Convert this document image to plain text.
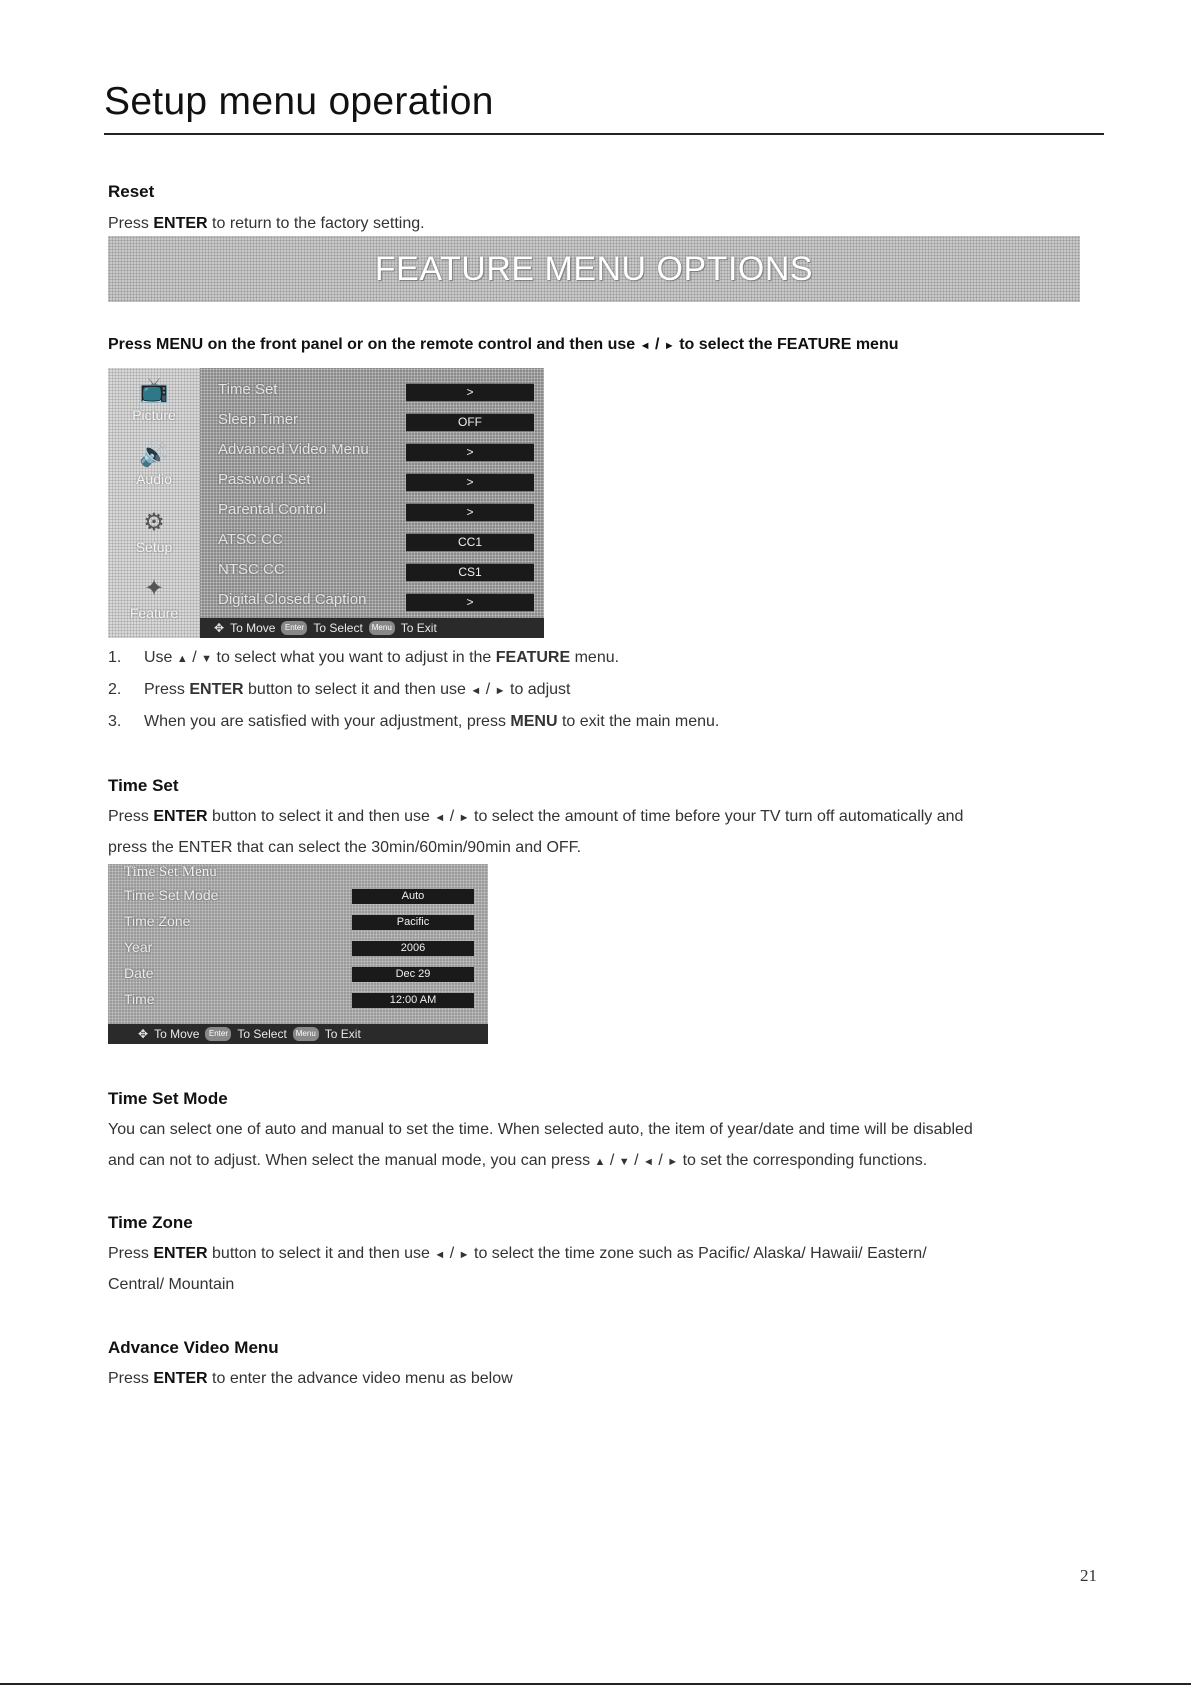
Setup menu operation
Reset
Press ENTER to return to the factory setting.
FEATURE MENU OPTIONS
Press MENU on the front panel or on the remote control and then use ◄ / ► to select the FEATURE menu
📺
Picture
🔊
Audio
⚙
Setup
✦
Feature
Time Set	>
Sleep Timer	OFF
Advanced Video Menu	>
Password Set	>
Parental Control	>
ATSC CC	CC1
NTSC CC	CS1
Digital Closed Caption	>
✥ To Move	Enter To Select	Menu To Exit
1. Use ▲ / ▼ to select what you want to adjust in the FEATURE menu.
2. Press ENTER button to select it and then use ◄ / ► to adjust
3. When you are satisfied with your adjustment, press MENU to exit the main menu.
Time Set
Press ENTER button to select it and then use ◄ / ► to select the amount of time before your TV turn off automatically and
press the ENTER that can select the 30min/60min/90min and OFF.
Time Set Menu
Time Set Mode	Auto
Time Zone	Pacific
Year	2006
Date	Dec 29
Time	12:00 AM
✥ To Move	Enter To Select	Menu To Exit
Time Set Mode
You can select one of auto and manual to set the time. When selected auto, the item of year/date and time will be disabled
and can not to adjust. When select the manual mode, you can press ▲ / ▼ / ◄ / ► to set the corresponding functions.
Time Zone
Press ENTER button to select it and then use ◄ / ► to select the time zone such as Pacific/ Alaska/ Hawaii/ Eastern/
Central/ Mountain
Advance Video Menu
Press ENTER to enter the advance video menu as below
21
